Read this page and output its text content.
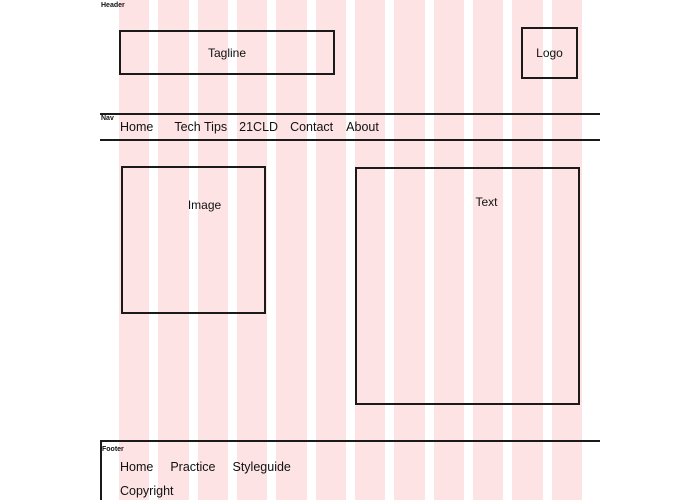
Header
Tagline	Logo
Nav
Home Tech Tips 21CLD Contact About
Image	Text
Footer
Home Practice Styleguide
Copyright
